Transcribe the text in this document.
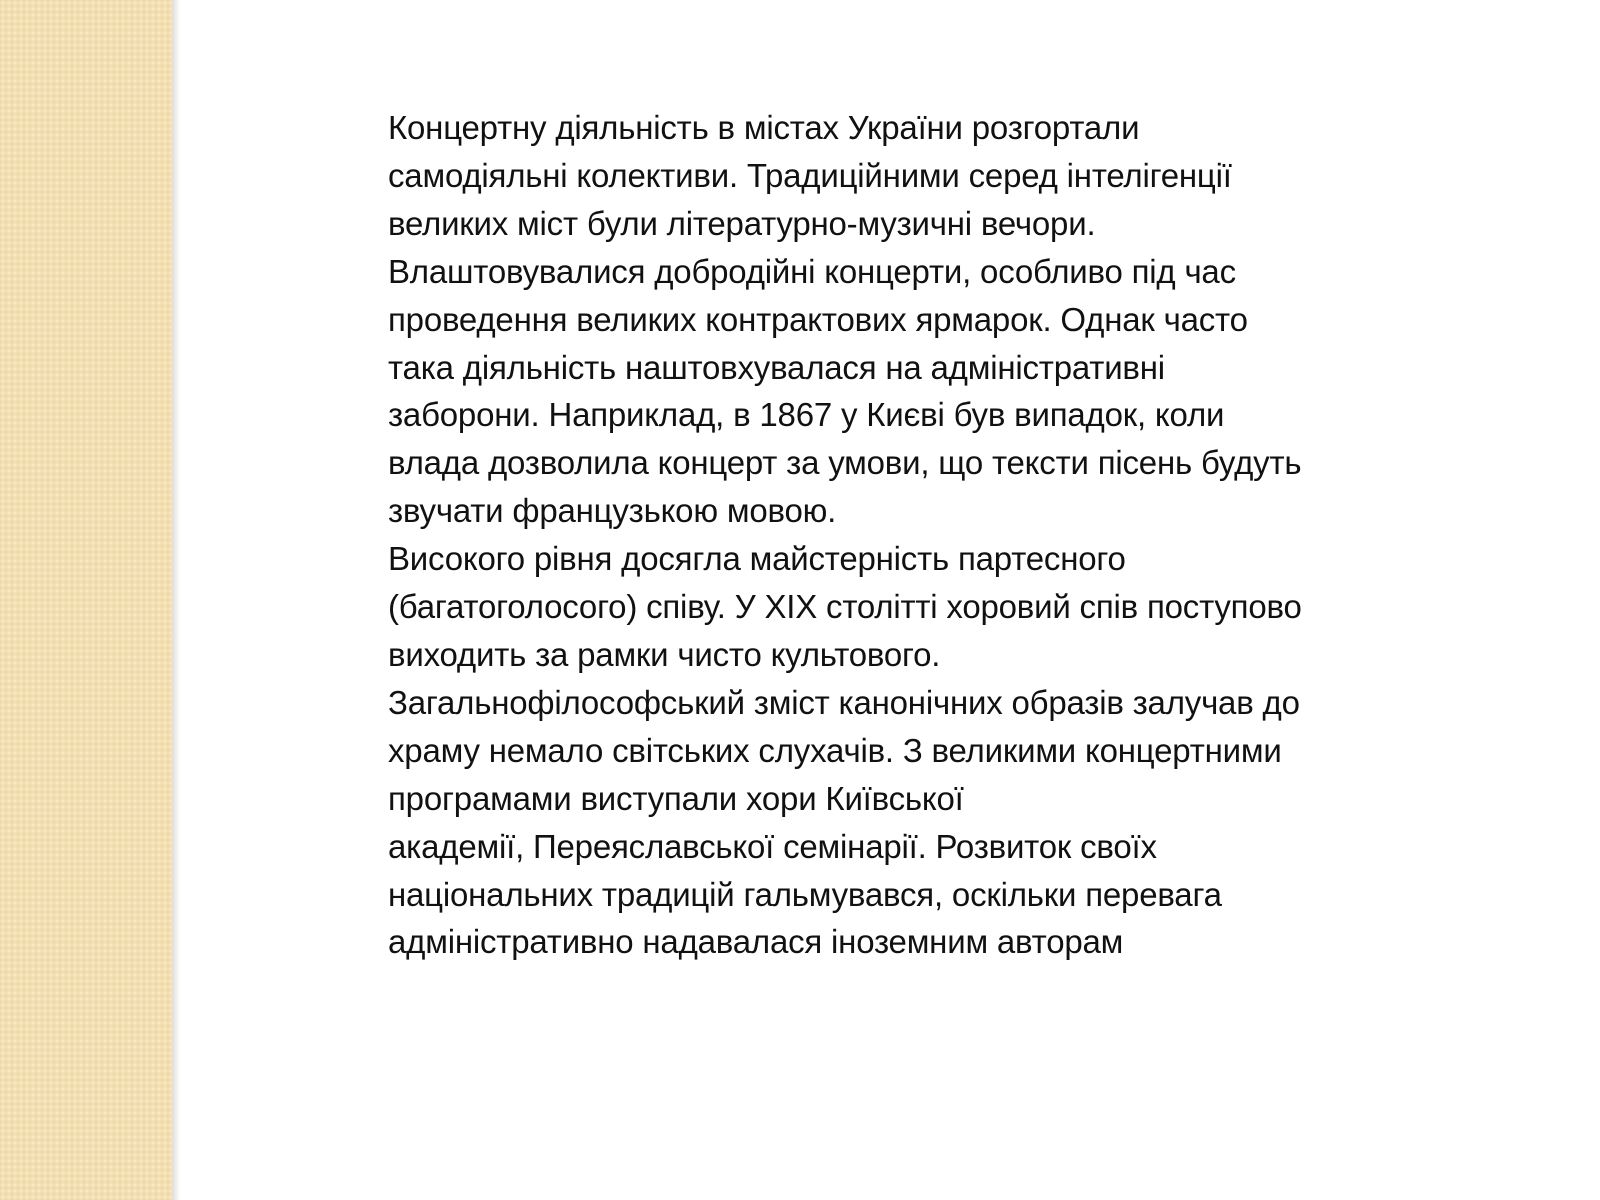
Концертну діяльність в містах України розгортали
самодіяльні колективи. Традиційними серед інтелігенції
великих міст були літературно-музичні вечори.
Влаштовувалися добродійні концерти, особливо під час
проведення великих контрактових ярмарок. Однак часто
така діяльність наштовхувалася на адміністративні
заборони. Наприклад, в 1867 у Києві був випадок, коли
влада дозволила концерт за умови, що тексти пісень будуть
звучати французькою мовою.
Високого рівня досягла майстерність партесного
(багатоголосого) співу. У XIX столітті хоровий спів поступово
виходить за рамки чисто культового.
Загальнофілософський зміст канонічних образів залучав до
храму немало світських слухачів. З великими концертними
програмами виступали хори Київської
академії, Переяславської семінарії. Розвиток своїх
національних традицій гальмувався, оскільки перевага
адміністративно надавалася іноземним авторам
